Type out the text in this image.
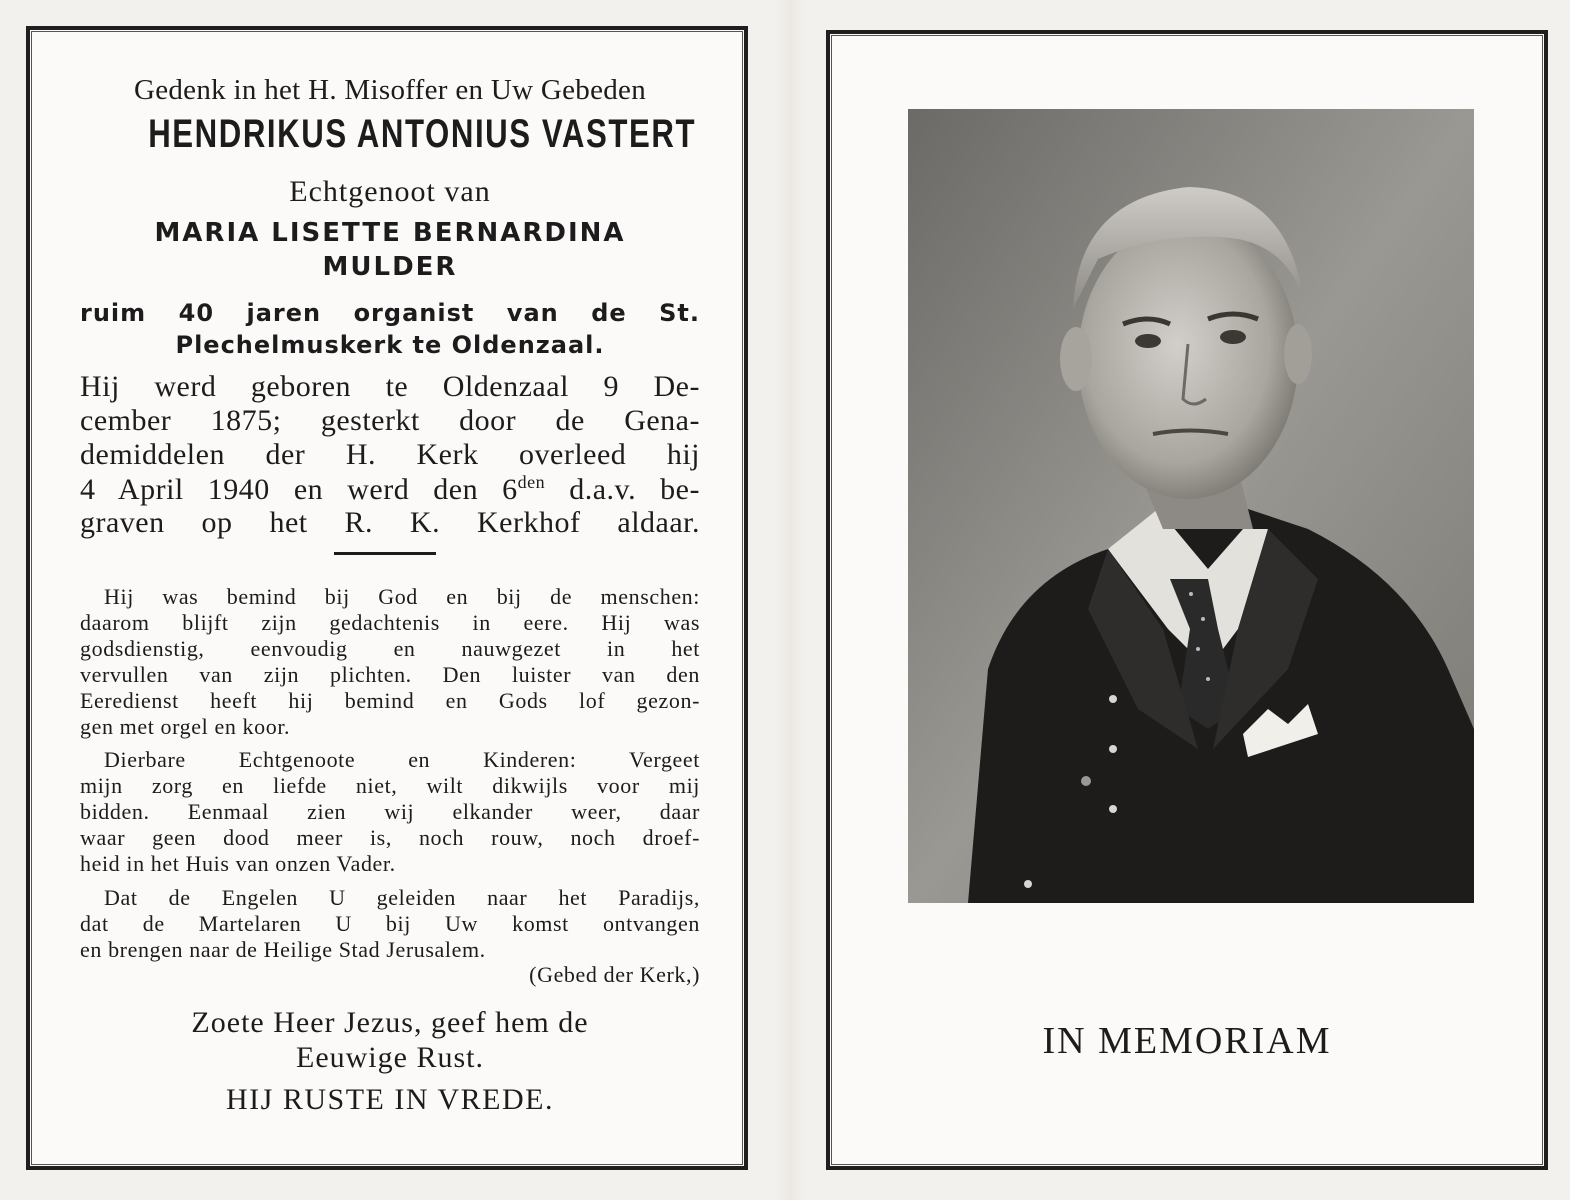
Gedenk in het H. Misoffer en Uw Gebeden
HENDRIKUS ANTONIUS VASTERT
Echtgenoot van
MARIA LISETTE BERNARDINA
MULDER
ruim 40 jaren organist van de St.
Plechelmuskerk te Oldenzaal.
Hij werd geboren te Oldenzaal 9 De-
cember 1875; gesterkt door de Gena-
demiddelen der H. Kerk overleed hij
4 April 1940 en werd den $6^{den}$ d.a.v. be-
graven op het R. K. Kerkhof aldaar.
Hij was bemind bij God en bij de menschen:
daarom blijft zijn gedachtenis in eere. Hij was
godsdienstig, eenvoudig en nauwgezet in het
vervullen van zijn plichten. Den luister van den
Eeredienst heeft hij bemind en Gods lof gezon-
gen met orgel en koor.
Dierbare Echtgenoote en Kinderen: Vergeet
mijn zorg en liefde niet, wilt dikwijls voor mij
bidden. Eenmaal zien wij elkander weer, daar
waar geen dood meer is, noch rouw, noch droef-
heid in het Huis van onzen Vader.
Dat de Engelen U geleiden naar het Paradijs,
dat de Martelaren U bij Uw komst ontvangen
en brengen naar de Heilige Stad Jerusalem.
(Gebed der Kerk,)
Zoete Heer Jezus, geef hem de
Eeuwige Rust.
HIJ RUSTE IN VREDE.
IN MEMORIAM
